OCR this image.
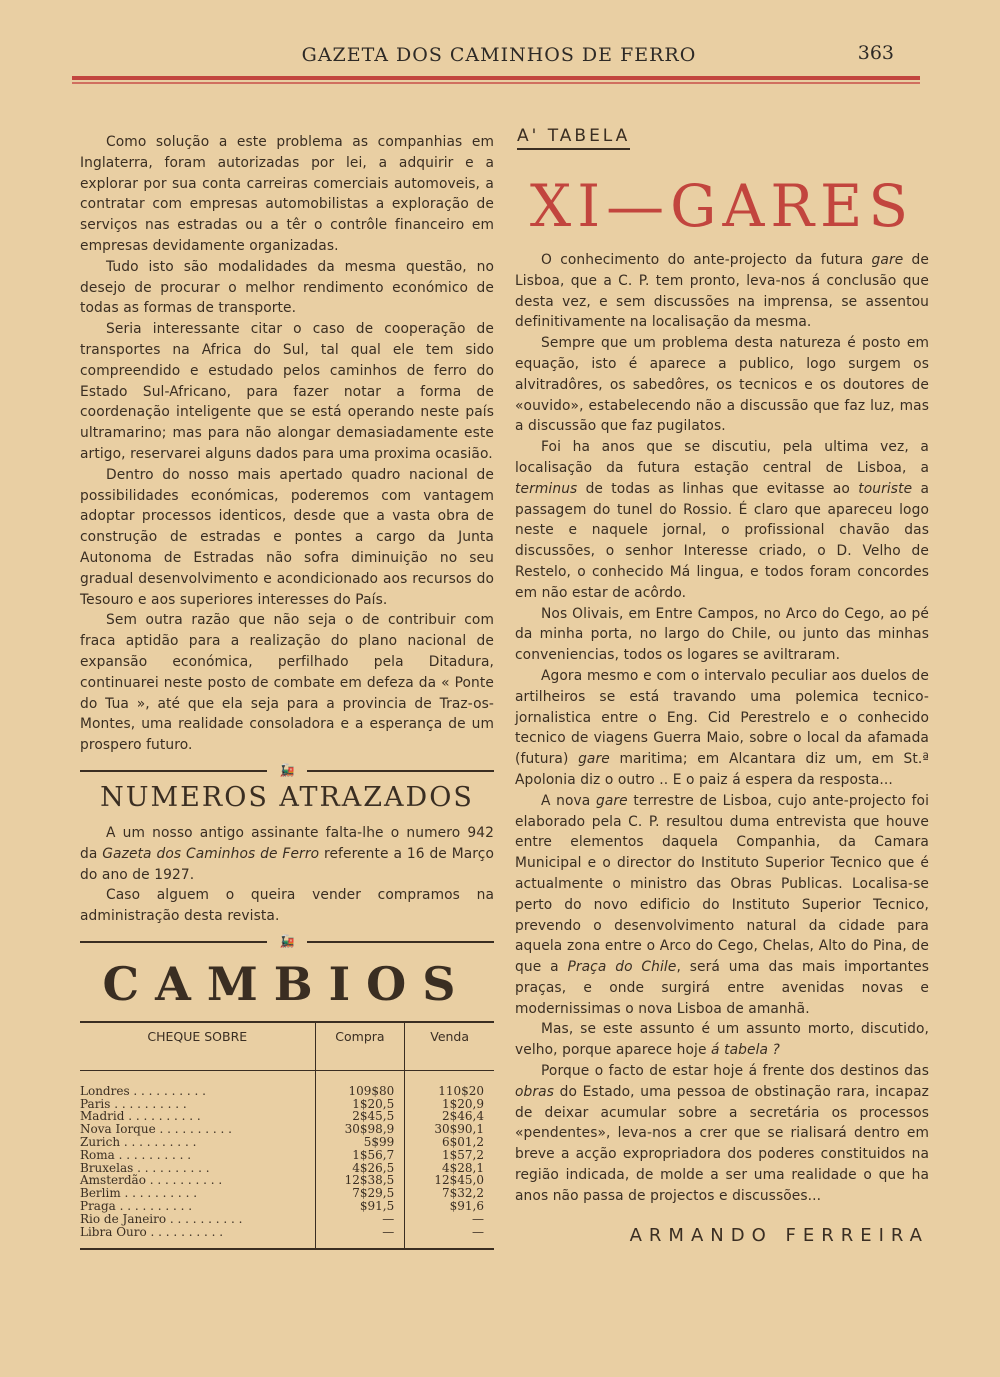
GAZETA DOS CAMINHOS DE FERRO	363

Como solução a este problema as companhias em Inglaterra, foram autorizadas por lei, a adquirir e a explorar por sua conta carreiras comerciais automoveis, a contratar com empresas automobilistas a exploração de serviços nas estradas ou a têr o contrôle financeiro em empresas devidamente organizadas.

Tudo isto são modalidades da mesma questão, no desejo de procurar o melhor rendimento económico de todas as formas de transporte.

Seria interessante citar o caso de cooperação de transportes na Africa do Sul, tal qual ele tem sido compreendido e estudado pelos caminhos de ferro do Estado Sul-Africano, para fazer notar a forma de coordenação inteligente que se está operando neste país ultramarino; mas para não alongar demasiadamente este artigo, reservarei alguns dados para uma proxima ocasião.

Dentro do nosso mais apertado quadro nacional de possibilidades económicas, poderemos com vantagem adoptar processos identicos, desde que a vasta obra de construção de estradas e pontes a cargo da Junta Autonoma de Estradas não sofra diminuição no seu gradual desenvolvimento e acondicionado aos recursos do Tesouro e aos superiores interesses do País.

Sem outra razão que não seja o de contribuir com fraca aptidão para a realização do plano nacional de expansão económica, perfilhado pela Ditadura, continuarei neste posto de combate em defeza da « Ponte do Tua », até que ela seja para a provincia de Traz-os-Montes, uma realidade consoladora e a esperança de um prospero futuro.

🚂
NUMEROS ATRAZADOS

A um nosso antigo assinante falta-lhe o numero 942 da Gazeta dos Caminhos de Ferro referente a 16 de Março do ano de 1927.

Caso alguem o queira vender compramos na administração desta revista.

🚂
CAMBIOS
CHEQUE SOBRE	Compra	Venda

Londres . . . . . . . . . .	109$80	110$20
Paris . . . . . . . . . .	1$20,5	1$20,9
Madrid . . . . . . . . . .	2$45,5	2$46,4
Nova Iorque . . . . . . . . . .	30$98,9	30$90,1
Zurich . . . . . . . . . .	5$99	6$01,2
Roma . . . . . . . . . .	1$56,7	1$57,2
Bruxelas . . . . . . . . . .	4$26,5	4$28,1
Amsterdão . . . . . . . . . .	12$38,5	12$45,0
Berlim . . . . . . . . . .	7$29,5	7$32,2
Praga . . . . . . . . . .	$91,5	$91,6
Rio de Janeiro . . . . . . . . . .	—	—
Libra Ouro . . . . . . . . . .	—	—

A' TABELA
XI—GARES

O conhecimento do ante-projecto da futura gare de Lisboa, que a C. P. tem pronto, leva-nos á conclusão que desta vez, e sem discussões na imprensa, se assentou definitivamente na localisação da mesma.

Sempre que um problema desta natureza é posto em equação, isto é aparece a publico, logo surgem os alvitradôres, os sabedôres, os tecnicos e os doutores de «ouvido», estabelecendo não a discussão que faz luz, mas a discussão que faz pugilatos.

Foi ha anos que se discutiu, pela ultima vez, a localisação da futura estação central de Lisboa, a terminus de todas as linhas que evitasse ao touriste a passagem do tunel do Rossio. É claro que apareceu logo neste e naquele jornal, o profissional chavão das discussões, o senhor Interesse criado, o D. Velho de Restelo, o conhecido Má lingua, e todos foram concordes em não estar de acôrdo.

Nos Olivais, em Entre Campos, no Arco do Cego, ao pé da minha porta, no largo do Chile, ou junto das minhas conveniencias, todos os logares se aviltraram.

Agora mesmo e com o intervalo peculiar aos duelos de artilheiros se está travando uma polemica tecnico-jornalistica entre o Eng. Cid Perestrelo e o conhecido tecnico de viagens Guerra Maio, sobre o local da afamada (futura) gare maritima; em Alcantara diz um, em St.ª Apolonia diz o outro .. E o paiz á espera da resposta...

A nova gare terrestre de Lisboa, cujo ante-projecto foi elaborado pela C. P. resultou duma entrevista que houve entre elementos daquela Companhia, da Camara Municipal e o director do Instituto Superior Tecnico que é actualmente o ministro das Obras Publicas. Localisa-se perto do novo edificio do Instituto Superior Tecnico, prevendo o desenvolvimento natural da cidade para aquela zona entre o Arco do Cego, Chelas, Alto do Pina, de que a Praça do Chile, será uma das mais importantes praças, e onde surgirá entre avenidas novas e modernissimas o nova Lisboa de amanhã.

Mas, se este assunto é um assunto morto, discutido, velho, porque aparece hoje á tabela ?

Porque o facto de estar hoje á frente dos destinos das obras do Estado, uma pessoa de obstinação rara, incapaz de deixar acumular sobre a secretária os processos «pendentes», leva-nos a crer que se rialisará dentro em breve a acção expropriadora dos poderes constituidos na região indicada, de molde a ser uma realidade o que ha anos não passa de projectos e discussões...

ARMANDO FERREIRA
